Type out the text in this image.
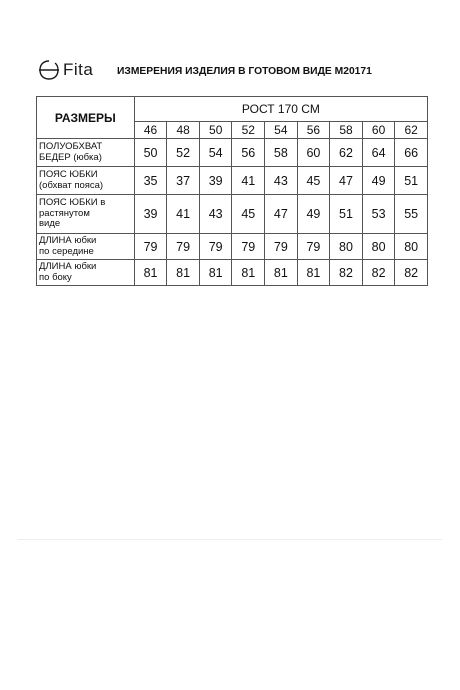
Fita ИЗМЕРЕНИЯ ИЗДЕЛИЯ В ГОТОВОМ ВИДЕ М20171
РАЗМЕРЫ	РОСТ 170 СМ								
	46	48	50	52	54	56	58	60	62

ПОЛУОБХВАТ
БЕДЕР (юбка)	50	52	54	56	58	60	62	64	66

ПОЯС ЮБКИ
(обхват пояса)	35	37	39	41	43	45	47	49	51

ПОЯС ЮБКИ в
растянутом
виде	39	41	43	45	47	49	51	53	55

ДЛИНА юбки
по середине	79	79	79	79	79	79	80	80	80

ДЛИНА юбки
по боку	81	81	81	81	81	81	82	82	82
